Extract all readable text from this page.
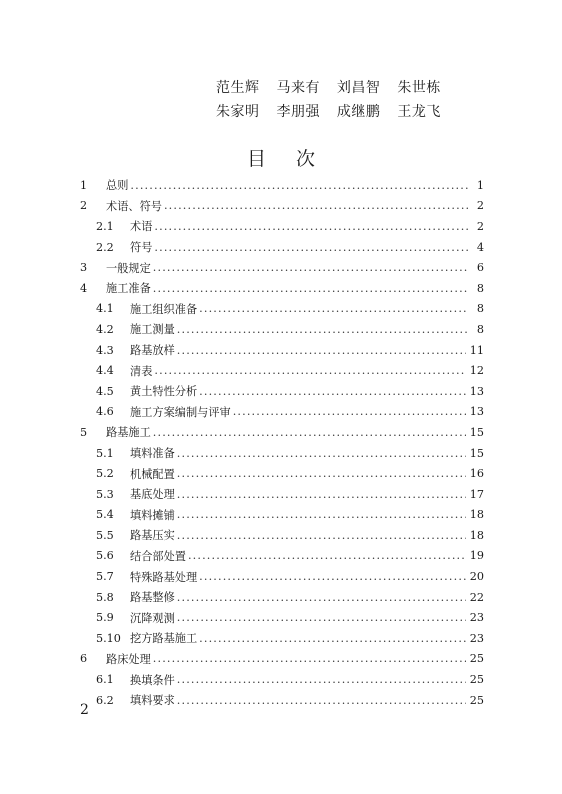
范生辉 马来有 刘昌智 朱世栋
朱家明 李朋强 成继鹏 王龙飞
目 次
1	总则 . . .	1
2	术语、符号 . . .	2
2.1	术语 . . .	2
2.2	符号 . . .	4
3	一般规定 . . .	6
4	施工准备 . . .	8
4.1	施工组织准备 . . .	8
4.2	施工测量 . . .	8
4.3	路基放样 . . .	11
4.4	清表 . . .	12
4.5	黄土特性分析 . . .	13
4.6	施工方案编制与评审 . . .	13
5	路基施工 . . .	15
5.1	填料准备 . . .	15
5.2	机械配置 . . .	16
5.3	基底处理 . . .	17
5.4	填料摊铺 . . .	18
5.5	路基压实 . . .	18
5.6	结合部处置 . . .	19
5.7	特殊路基处理 . . .	20
5.8	路基整修 . . .	22
5.9	沉降观测 . . .	23
5.10 挖方路基施工 . . .	23
6	路床处理 . . .	25
6.1	换填条件 . . .	25
6.2	填料要求 . . .	25
2
